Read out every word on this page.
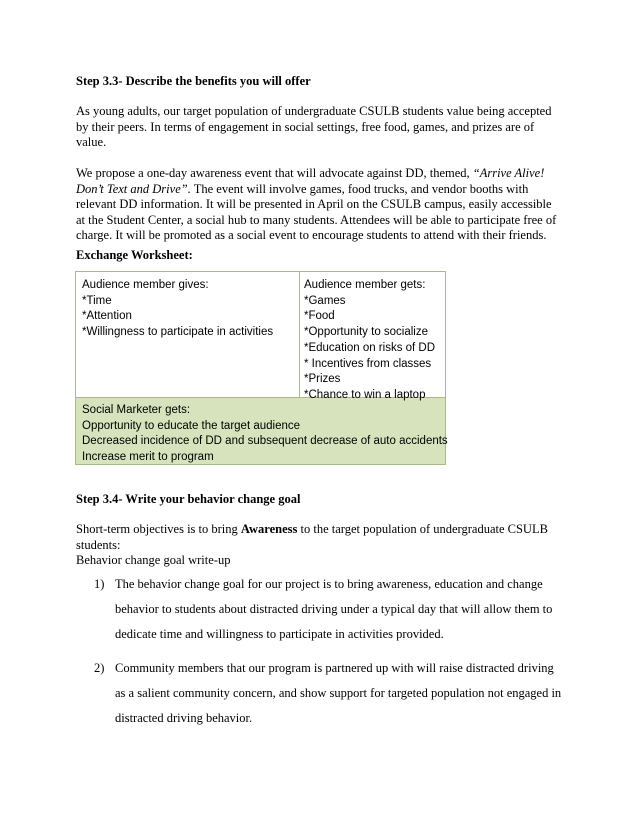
Step 3.3- Describe the benefits you will offer
As young adults, our target population of undergraduate CSULB students value being accepted
by their peers. In terms of engagement in social settings, free food, games, and prizes are of
value.
We propose a one-day awareness event that will advocate against DD, themed, “Arrive Alive!
Don’t Text and Drive”. The event will involve games, food trucks, and vendor booths with
relevant DD information. It will be presented in April on the CSULB campus, easily accessible
at the Student Center, a social hub to many students. Attendees will be able to participate free of
charge. It will be promoted as a social event to encourage students to attend with their friends.
Exchange Worksheet:
Audience member gives:
*Time
*Attention
*Willingness to participate in activities
Audience member gets:
*Games
*Food
*Opportunity to socialize
*Education on risks of DD
* Incentives from classes
*Prizes
*Chance to win a laptop
Social Marketer gets:
Opportunity to educate the target audience
Decreased incidence of DD and subsequent decrease of auto accidents
Increase merit to program
Step 3.4- Write your behavior change goal
Short-term objectives is to bring Awareness to the target population of undergraduate CSULB
students:
Behavior change goal write-up
1) The behavior change goal for our project is to bring awareness, education and change
behavior to students about distracted driving under a typical day that will allow them to
dedicate time and willingness to participate in activities provided.
2) Community members that our program is partnered up with will raise distracted driving
as a salient community concern, and show support for targeted population not engaged in
distracted driving behavior.
